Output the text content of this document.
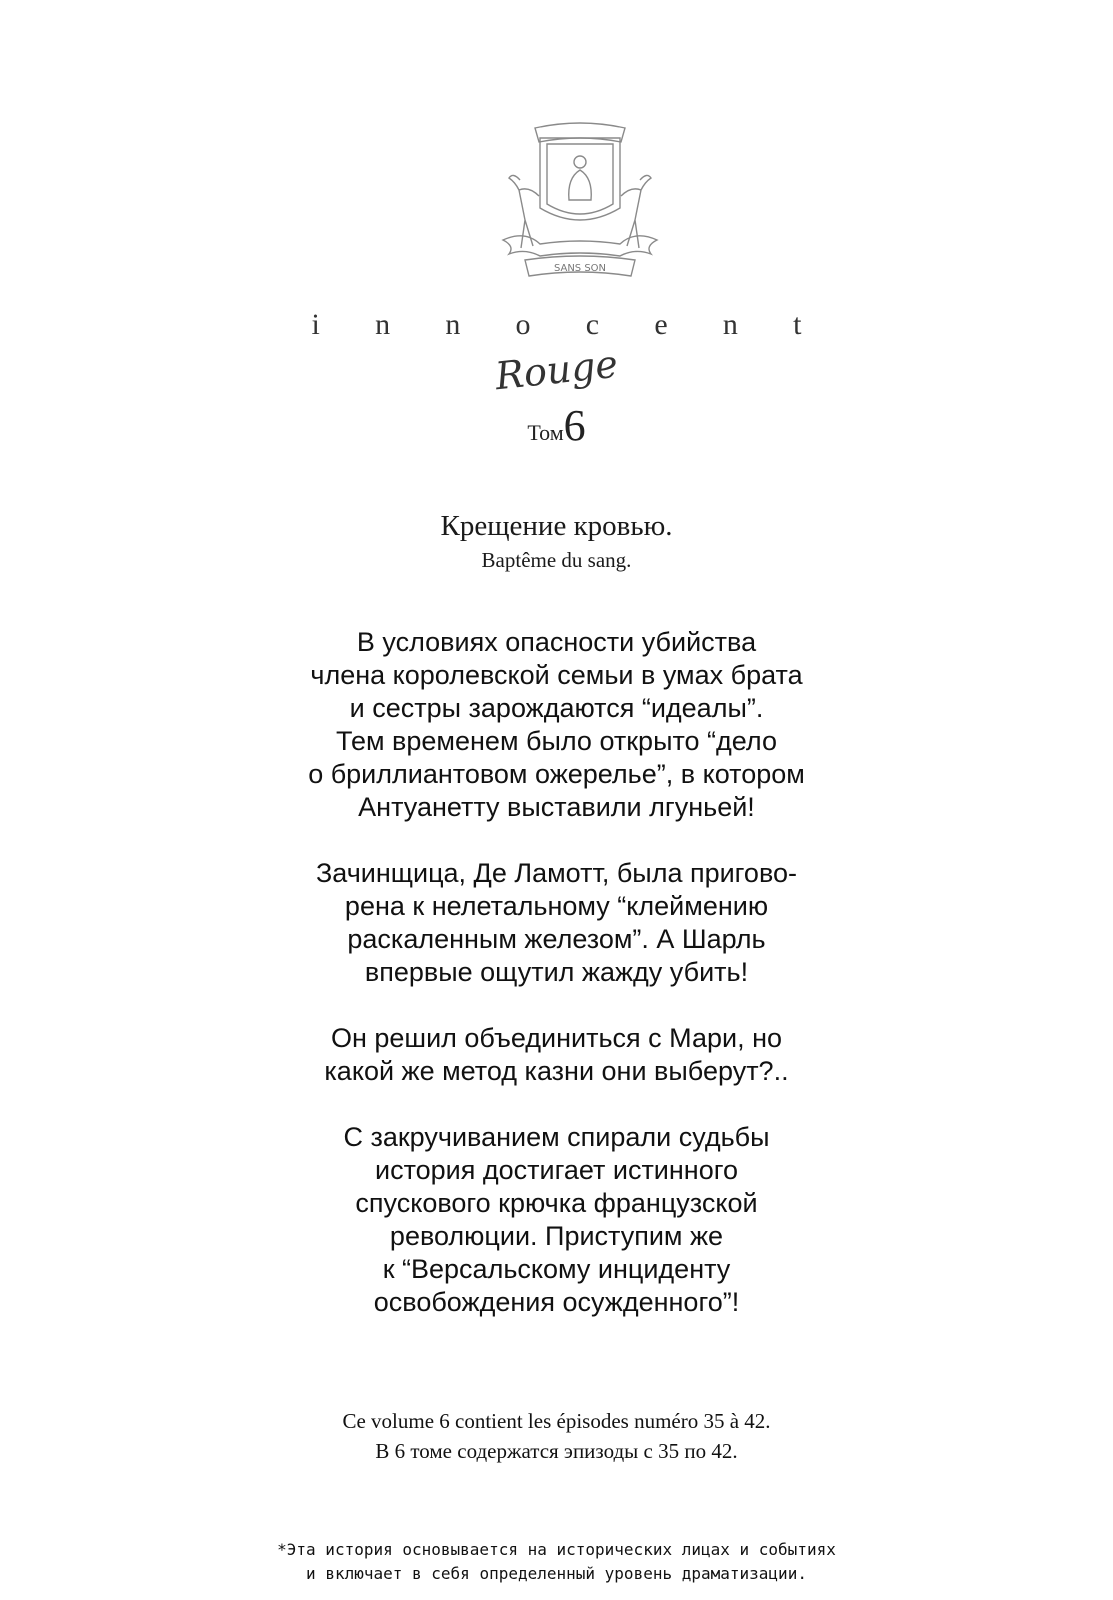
SANS SON
i n n o c e n t
Rouge
Том6
Крещение кровью.
Baptême du sang.
В условиях опасности убийства
члена королевской семьи в умах брата
и сестры зарождаются “идеалы”.
Тем временем было открыто “дело
о бриллиантовом ожерелье”, в котором
Антуанетту выставили лгуньей!
Зачинщица, Де Ламотт, была пригово-
рена к нелетальному “клеймению
раскаленным железом”. А Шарль
впервые ощутил жажду убить!
Он решил объединиться с Мари, но
какой же метод казни они выберут?..
С закручиванием спирали судьбы
история достигает истинного
спускового крючка французской
революции. Приступим же
к “Версальскому инциденту
освобождения осужденного”!
Ce volume 6 contient les épisodes numéro 35 à 42.
В 6 томе содержатся эпизоды с 35 по 42.
*Эта история основывается на исторических лицах и событиях
и включает в себя определенный уровень драматизации.
